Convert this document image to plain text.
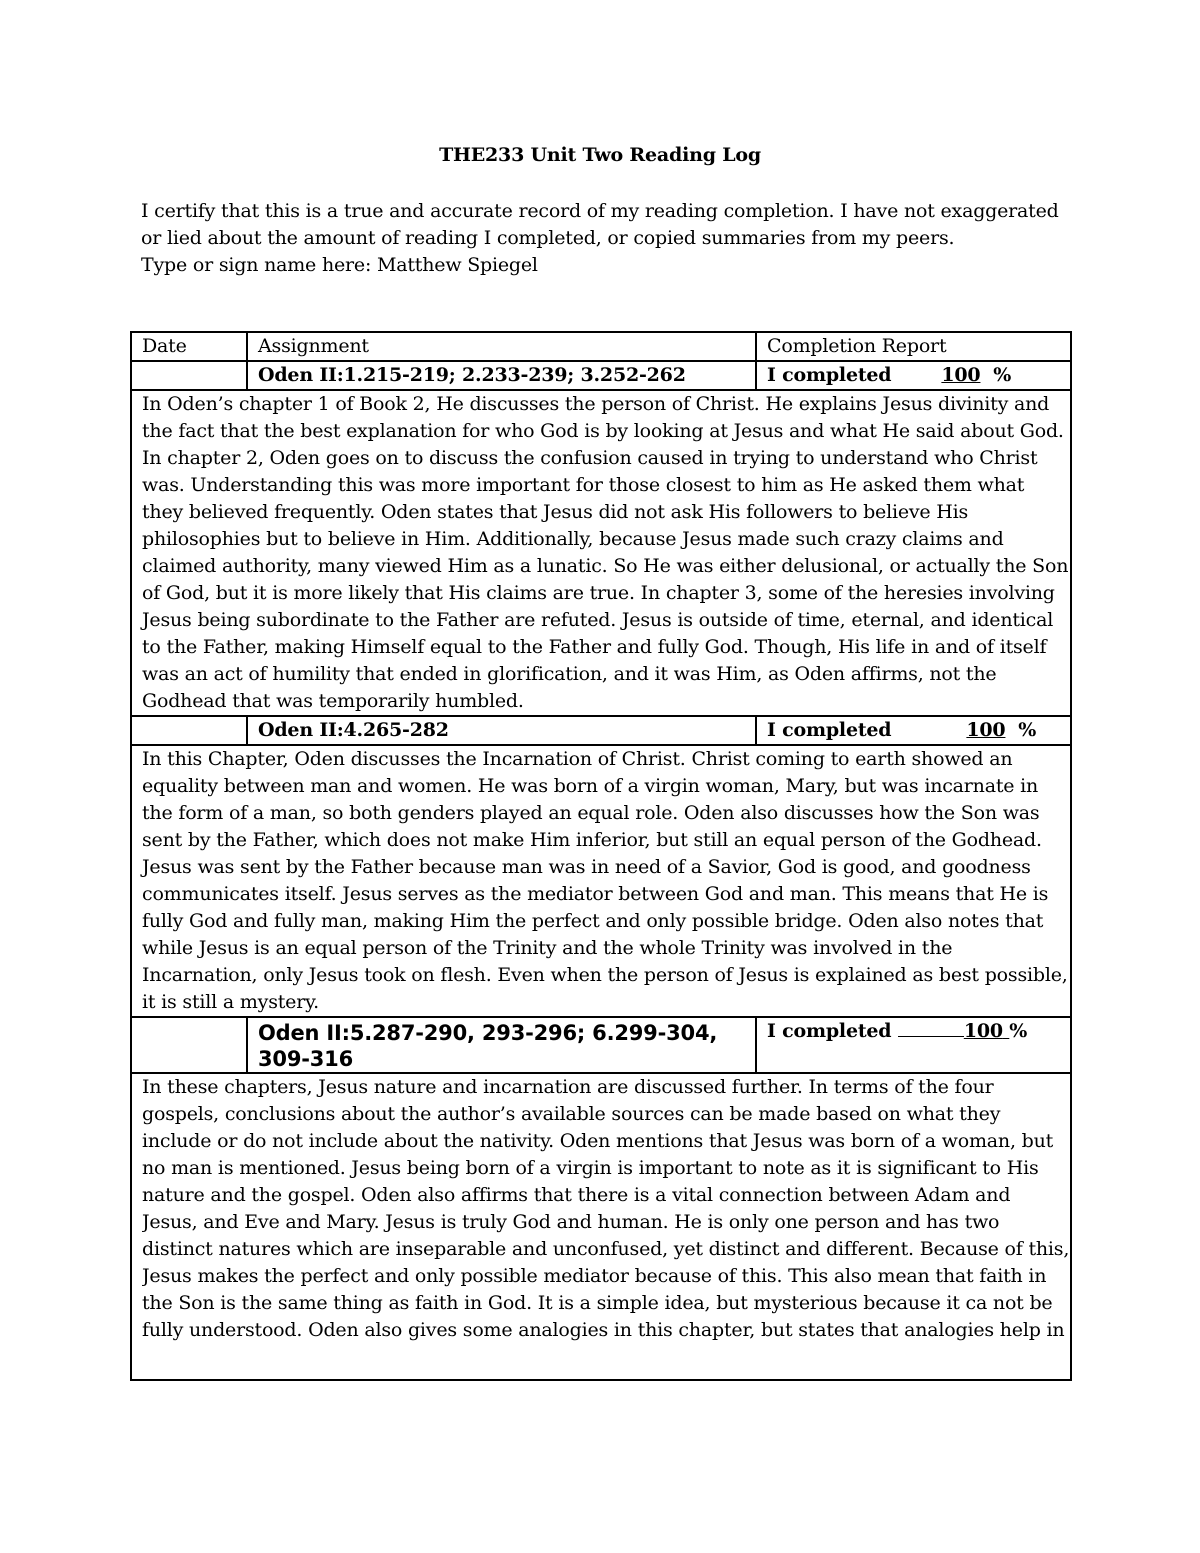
THE233 Unit Two Reading Log

I certify that this is a true and accurate record of my reading completion. I have not exaggerated or lied about the amount of reading I completed, or copied summaries from my peers.

Type or sign name here: Matthew Spiegel

Date	Assignment	Completion Report
	Oden II:1.215-219; 2.233-239; 3.252-262	I completed 100 %
In Oden’s chapter 1 of Book 2, He discusses the person of Christ. He explains Jesus divinity and the fact that the best explanation for who God is by looking at Jesus and what He said about God. In chapter 2, Oden goes on to discuss the confusion caused in trying to understand who Christ was. Understanding this was more important for those closest to him as He asked them what they believed frequently. Oden states that Jesus did not ask His followers to believe His philosophies but to believe in Him. Additionally, because Jesus made such crazy claims and claimed authority, many viewed Him as a lunatic. So He was either delusional, or actually the Son of God, but it is more likely that His claims are true. In chapter 3, some of the heresies involving Jesus being subordinate to the Father are refuted. Jesus is outside of time, eternal, and identical to the Father, making Himself equal to the Father and fully God. Though, His life in and of itself was an act of humility that ended in glorification, and it was Him, as Oden affirms, not the Godhead that was temporarily humbled.		
	Oden II:4.265-282	I completed 100 %
In this Chapter, Oden discusses the Incarnation of Christ. Christ coming to earth showed an equality between man and women. He was born of a virgin woman, Mary, but was incarnate in the form of a man, so both genders played an equal role. Oden also discusses how the Son was sent by the Father, which does not make Him inferior, but still an equal person of the Godhead. Jesus was sent by the Father because man was in need of a Savior, God is good, and goodness communicates itself. Jesus serves as the mediator between God and man. This means that He is fully God and fully man, making Him the perfect and only possible bridge. Oden also notes that while Jesus is an equal person of the Trinity and the whole Trinity was involved in the Incarnation, only Jesus took on flesh. Even when the person of Jesus is explained as best possible, it is still a mystery.		
	Oden II:5.287-290, 293-296; 6.299-304, 309-316	I completed 100 %

In these chapters, Jesus nature and incarnation are discussed further. In terms of the four gospels, conclusions about the author’s available sources can be made based on what they include or do not include about the nativity. Oden mentions that Jesus was born of a woman, but no man is mentioned. Jesus being born of a virgin is important to note as it is significant to His nature and the gospel. Oden also affirms that there is a vital connection between Adam and Jesus, and Eve and Mary. Jesus is truly God and human. He is only one person and has two distinct natures which are inseparable and unconfused, yet distinct and different. Because of this, Jesus makes the perfect and only possible mediator because of this. This also mean that faith in the Son is the same thing as faith in God. It is a simple idea, but mysterious because it ca not be fully understood. Oden also gives some analogies in this chapter, but states that analogies help in		
